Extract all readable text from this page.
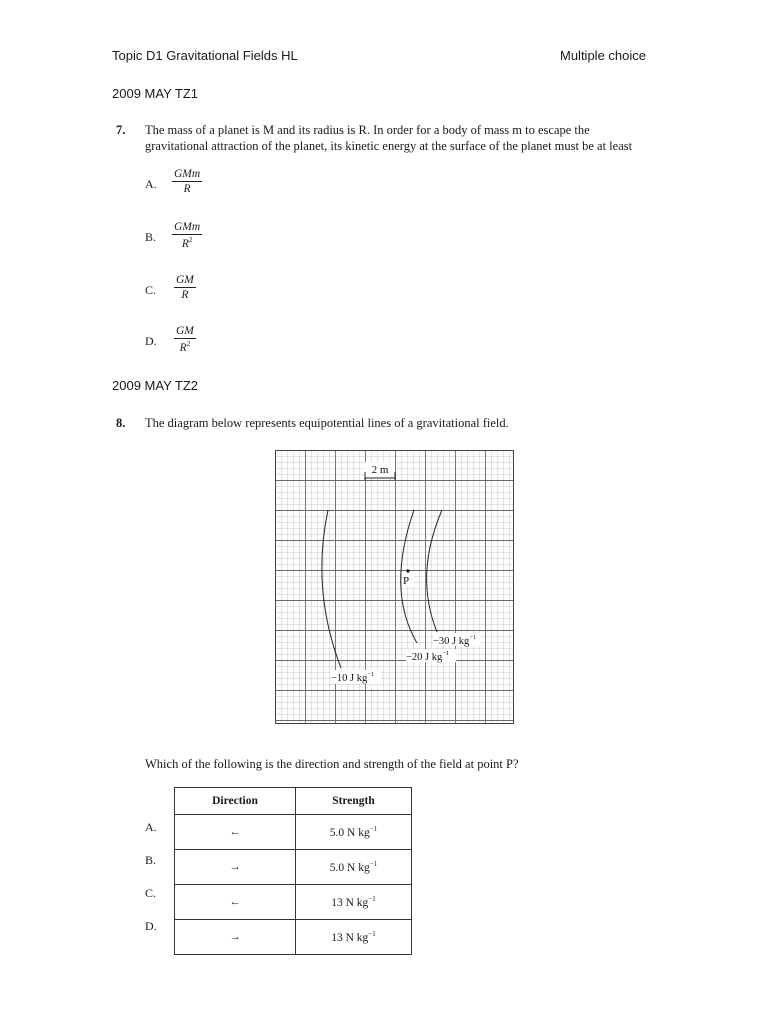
Topic D1 Gravitational Fields HL	Multiple choice
2009 MAY TZ1
7. The mass of a planet is M and its radius is R. In order for a body of mass m to escape the
gravitational attraction of the planet, its kinetic energy at the surface of the planet must be at least
A.
GMm
R
B.
GMm
$R^2$
C. $\frac{GM}{R}$
D. $\frac{GM}{R^2}$
2009 MAY TZ2
8. The diagram below represents equipotential lines of a gravitational field.
2 m
P
−30 J $kg^{-1}$
−20 J $kg^{-1}$
−10 J $kg^{-1}$
Which of the following is the direction and strength of the field at point P?
A.
B.
C.
D.
Direction	Strength
←	5.0 N $kg^{-1}$
→	5.0 N $kg^{-1}$
←	13 N $kg^{-1}$
→	13 N $kg^{-1}$
